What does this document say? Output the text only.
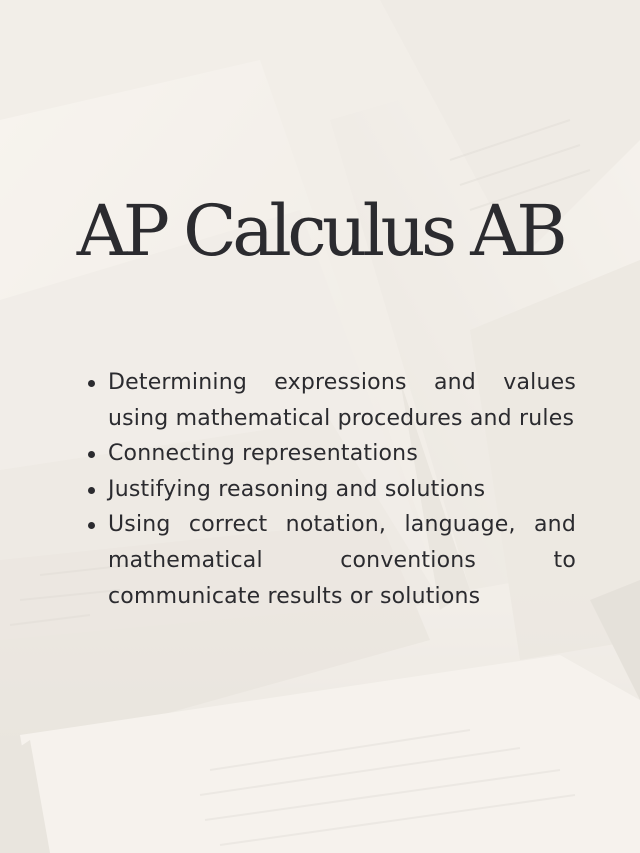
AP Calculus AB
Determining expressions and values using mathematical procedures and rules
Connecting representations
Justifying reasoning and solutions
Using correct notation, language, and mathematical conventions to communicate results or solutions
